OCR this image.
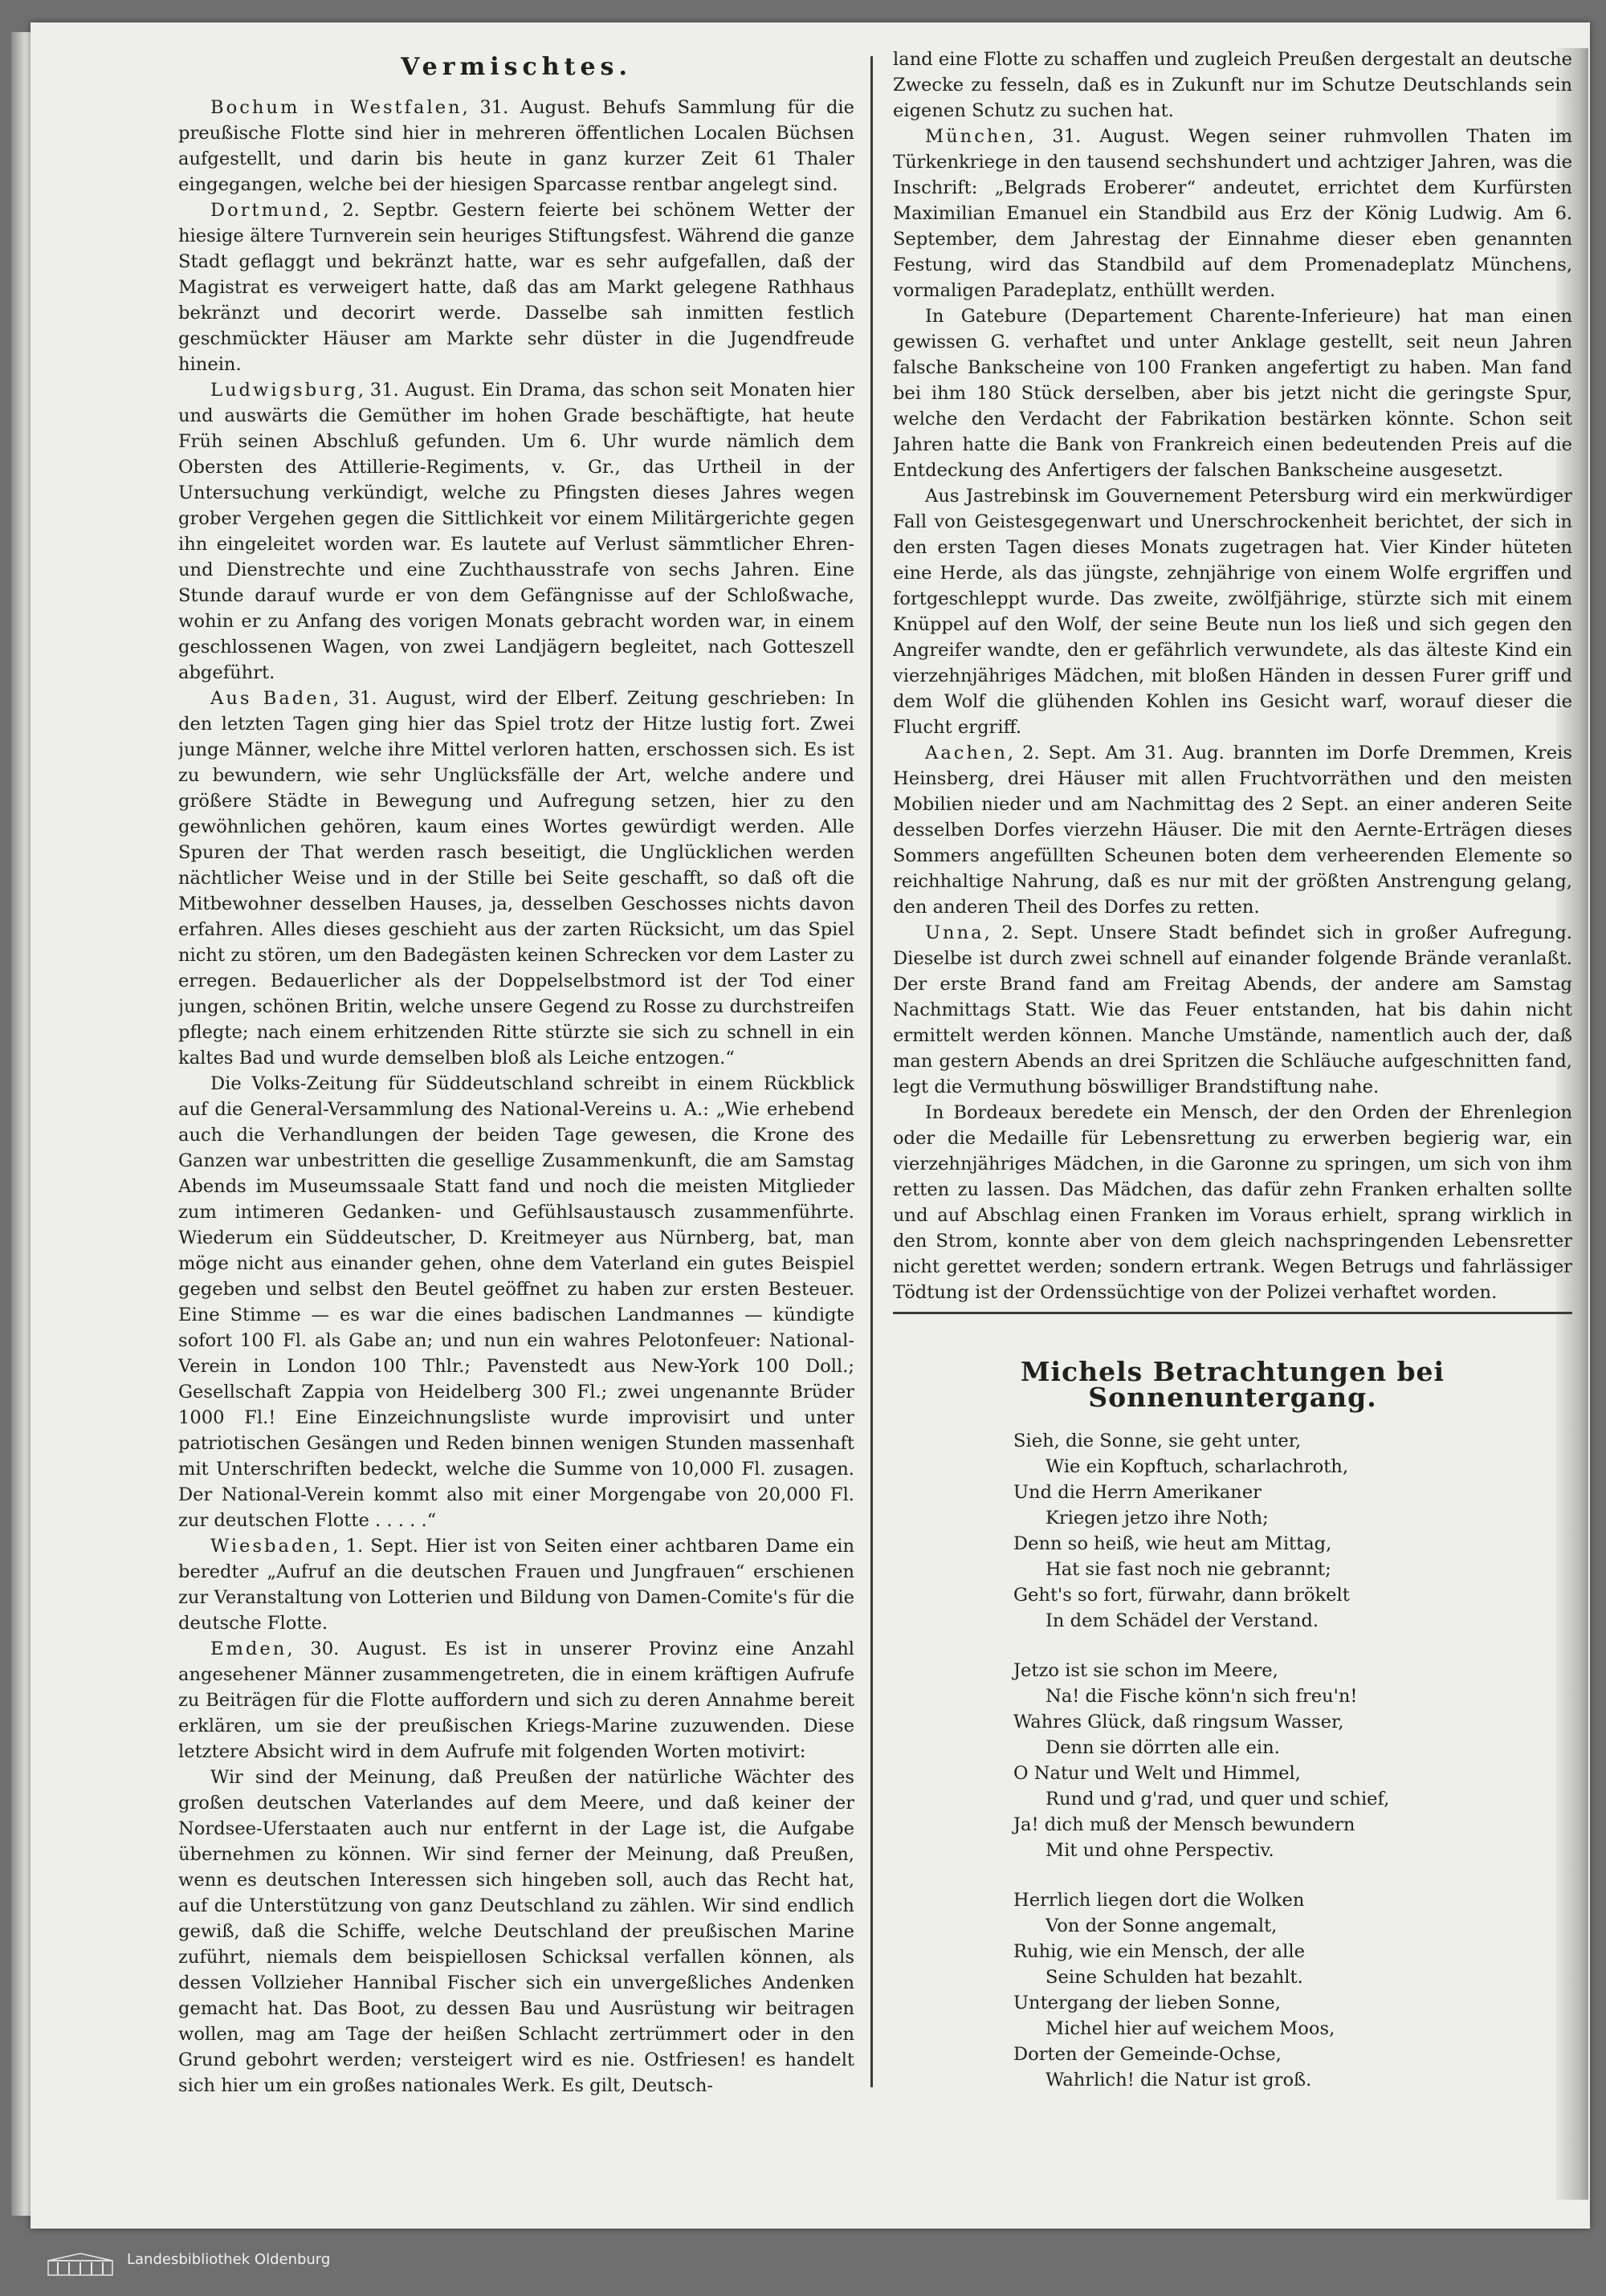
Vermischtes.

Bochum in Westfalen, 31. August. Behufs Sammlung für die preußische Flotte sind hier in mehreren öffentlichen Localen Büchsen aufgestellt, und darin bis heute in ganz kurzer Zeit 61 Thaler eingegangen, welche bei der hiesigen Sparcasse rentbar angelegt sind.

Dortmund, 2. Septbr. Gestern feierte bei schönem Wetter der hiesige ältere Turnverein sein heuriges Stiftungsfest. Während die ganze Stadt geflaggt und bekränzt hatte, war es sehr aufgefallen, daß der Magistrat es verweigert hatte, daß das am Markt gelegene Rathhaus bekränzt und decorirt werde. Dasselbe sah inmitten festlich geschmückter Häuser am Markte sehr düster in die Jugendfreude hinein.

Ludwigsburg, 31. August. Ein Drama, das schon seit Monaten hier und auswärts die Gemüther im hohen Grade beschäftigte, hat heute Früh seinen Abschluß gefunden. Um 6. Uhr wurde nämlich dem Obersten des Attillerie-Regiments, v. Gr., das Urtheil in der Untersuchung verkündigt, welche zu Pfingsten dieses Jahres wegen grober Vergehen gegen die Sittlichkeit vor einem Militärgerichte gegen ihn eingeleitet worden war. Es lautete auf Verlust sämmtlicher Ehren- und Dienstrechte und eine Zuchthausstrafe von sechs Jahren. Eine Stunde darauf wurde er von dem Gefängnisse auf der Schloßwache, wohin er zu Anfang des vorigen Monats gebracht worden war, in einem geschlossenen Wagen, von zwei Landjägern begleitet, nach Gotteszell abgeführt.

Aus Baden, 31. August, wird der Elberf. Zeitung geschrieben: In den letzten Tagen ging hier das Spiel trotz der Hitze lustig fort. Zwei junge Männer, welche ihre Mittel verloren hatten, erschossen sich. Es ist zu bewundern, wie sehr Unglücksfälle der Art, welche andere und größere Städte in Bewegung und Aufregung setzen, hier zu den gewöhnlichen gehören, kaum eines Wortes gewürdigt werden. Alle Spuren der That werden rasch beseitigt, die Unglücklichen werden nächtlicher Weise und in der Stille bei Seite geschafft, so daß oft die Mitbewohner desselben Hauses, ja, desselben Geschosses nichts davon erfahren. Alles dieses geschieht aus der zarten Rücksicht, um das Spiel nicht zu stören, um den Badegästen keinen Schrecken vor dem Laster zu erregen. Bedauerlicher als der Doppelselbstmord ist der Tod einer jungen, schönen Britin, welche unsere Gegend zu Rosse zu durchstreifen pflegte; nach einem erhitzenden Ritte stürzte sie sich zu schnell in ein kaltes Bad und wurde demselben bloß als Leiche entzogen.“

Die Volks-Zeitung für Süddeutschland schreibt in einem Rückblick auf die General-Versammlung des National-Vereins u. A.: „Wie erhebend auch die Verhandlungen der beiden Tage gewesen, die Krone des Ganzen war unbestritten die gesellige Zusammenkunft, die am Samstag Abends im Museumssaale Statt fand und noch die meisten Mitglieder zum intimeren Gedanken- und Gefühlsaustausch zusammenführte. Wiederum ein Süddeutscher, D. Kreitmeyer aus Nürnberg, bat, man möge nicht aus einander gehen, ohne dem Vaterland ein gutes Beispiel gegeben und selbst den Beutel geöffnet zu haben zur ersten Besteuer. Eine Stimme — es war die eines badischen Landmannes — kündigte sofort 100 Fl. als Gabe an; und nun ein wahres Pelotonfeuer: National-Verein in London 100 Thlr.; Pavenstedt aus New-York 100 Doll.; Gesellschaft Zappia von Heidelberg 300 Fl.; zwei ungenannte Brüder 1000 Fl.! Eine Einzeichnungsliste wurde improvisirt und unter patriotischen Gesängen und Reden binnen wenigen Stunden massenhaft mit Unterschriften bedeckt, welche die Summe von 10,000 Fl. zusagen. Der National-Verein kommt also mit einer Morgengabe von 20,000 Fl. zur deutschen Flotte . . . . .“

Wiesbaden, 1. Sept. Hier ist von Seiten einer achtbaren Dame ein beredter „Aufruf an die deutschen Frauen und Jungfrauen“ erschienen zur Veranstaltung von Lotterien und Bildung von Damen-Comite's für die deutsche Flotte.

Emden, 30. August. Es ist in unserer Provinz eine Anzahl angesehener Männer zusammengetreten, die in einem kräftigen Aufrufe zu Beiträgen für die Flotte auffordern und sich zu deren Annahme bereit erklären, um sie der preußischen Kriegs-Marine zuzuwenden. Diese letztere Absicht wird in dem Aufrufe mit folgenden Worten motivirt:

Wir sind der Meinung, daß Preußen der natürliche Wächter des großen deutschen Vaterlandes auf dem Meere, und daß keiner der Nordsee-Uferstaaten auch nur entfernt in der Lage ist, die Aufgabe übernehmen zu können. Wir sind ferner der Meinung, daß Preußen, wenn es deutschen Interessen sich hingeben soll, auch das Recht hat, auf die Unterstützung von ganz Deutschland zu zählen. Wir sind endlich gewiß, daß die Schiffe, welche Deutschland der preußischen Marine zuführt, niemals dem beispiellosen Schicksal verfallen können, als dessen Vollzieher Hannibal Fischer sich ein unvergeßliches Andenken gemacht hat. Das Boot, zu dessen Bau und Ausrüstung wir beitragen wollen, mag am Tage der heißen Schlacht zertrümmert oder in den Grund gebohrt werden; versteigert wird es nie. Ostfriesen! es handelt sich hier um ein großes nationales Werk. Es gilt, Deutsch-

land eine Flotte zu schaffen und zugleich Preußen dergestalt an deutsche Zwecke zu fesseln, daß es in Zukunft nur im Schutze Deutschlands sein eigenen Schutz zu suchen hat.

München, 31. August. Wegen seiner ruhmvollen Thaten im Türkenkriege in den tausend sechshundert und achtziger Jahren, was die Inschrift: „Belgrads Eroberer“ andeutet, errichtet dem Kurfürsten Maximilian Emanuel ein Standbild aus Erz der König Ludwig. Am 6. September, dem Jahrestag der Einnahme dieser eben genannten Festung, wird das Standbild auf dem Promenadeplatz Münchens, vormaligen Paradeplatz, enthüllt werden.

In Gatebure (Departement Charente-Inferieure) hat man einen gewissen G. verhaftet und unter Anklage gestellt, seit neun Jahren falsche Bankscheine von 100 Franken angefertigt zu haben. Man fand bei ihm 180 Stück derselben, aber bis jetzt nicht die geringste Spur, welche den Verdacht der Fabrikation bestärken könnte. Schon seit Jahren hatte die Bank von Frankreich einen bedeutenden Preis auf die Entdeckung des Anfertigers der falschen Bankscheine ausgesetzt.

Aus Jastrebinsk im Gouvernement Petersburg wird ein merkwürdiger Fall von Geistesgegenwart und Unerschrockenheit berichtet, der sich in den ersten Tagen dieses Monats zugetragen hat. Vier Kinder hüteten eine Herde, als das jüngste, zehnjährige von einem Wolfe ergriffen und fortgeschleppt wurde. Das zweite, zwölfjährige, stürzte sich mit einem Knüppel auf den Wolf, der seine Beute nun los ließ und sich gegen den Angreifer wandte, den er gefährlich verwundete, als das älteste Kind ein vierzehnjähriges Mädchen, mit bloßen Händen in dessen Furer griff und dem Wolf die glühenden Kohlen ins Gesicht warf, worauf dieser die Flucht ergriff.

Aachen, 2. Sept. Am 31. Aug. brannten im Dorfe Dremmen, Kreis Heinsberg, drei Häuser mit allen Fruchtvorräthen und den meisten Mobilien nieder und am Nachmittag des 2 Sept. an einer anderen Seite desselben Dorfes vierzehn Häuser. Die mit den Aernte-Erträgen dieses Sommers angefüllten Scheunen boten dem verheerenden Elemente so reichhaltige Nahrung, daß es nur mit der größten Anstrengung gelang, den anderen Theil des Dorfes zu retten.

Unna, 2. Sept. Unsere Stadt befindet sich in großer Aufregung. Dieselbe ist durch zwei schnell auf einander folgende Brände veranlaßt. Der erste Brand fand am Freitag Abends, der andere am Samstag Nachmittags Statt. Wie das Feuer entstanden, hat bis dahin nicht ermittelt werden können. Manche Umstände, namentlich auch der, daß man gestern Abends an drei Spritzen die Schläuche aufgeschnitten fand, legt die Vermuthung böswilliger Brandstiftung nahe.

In Bordeaux beredete ein Mensch, der den Orden der Ehrenlegion oder die Medaille für Lebensrettung zu erwerben begierig war, ein vierzehnjähriges Mädchen, in die Garonne zu springen, um sich von ihm retten zu lassen. Das Mädchen, das dafür zehn Franken erhalten sollte und auf Abschlag einen Franken im Voraus erhielt, sprang wirklich in den Strom, konnte aber von dem gleich nachspringenden Lebensretter nicht gerettet werden; sondern ertrank. Wegen Betrugs und fahrlässiger Tödtung ist der Ordenssüchtige von der Polizei verhaftet worden.

Michels Betrachtungen bei Sonnenuntergang.
Sieh, die Sonne, sie geht unter,
Wie ein Kopftuch, scharlachroth,
Und die Herrn Amerikaner
Kriegen jetzo ihre Noth;
Denn so heiß, wie heut am Mittag,
Hat sie fast noch nie gebrannt;
Geht's so fort, fürwahr, dann brökelt
In dem Schädel der Verstand.
Jetzo ist sie schon im Meere,
Na! die Fische könn'n sich freu'n!
Wahres Glück, daß ringsum Wasser,
Denn sie dörrten alle ein.
O Natur und Welt und Himmel,
Rund und g'rad, und quer und schief,
Ja! dich muß der Mensch bewundern
Mit und ohne Perspectiv.
Herrlich liegen dort die Wolken
Von der Sonne angemalt,
Ruhig, wie ein Mensch, der alle
Seine Schulden hat bezahlt.
Untergang der lieben Sonne,
Michel hier auf weichem Moos,
Dorten der Gemeinde-Ochse,
Wahrlich! die Natur ist groß.
Landesbibliothek Oldenburg
